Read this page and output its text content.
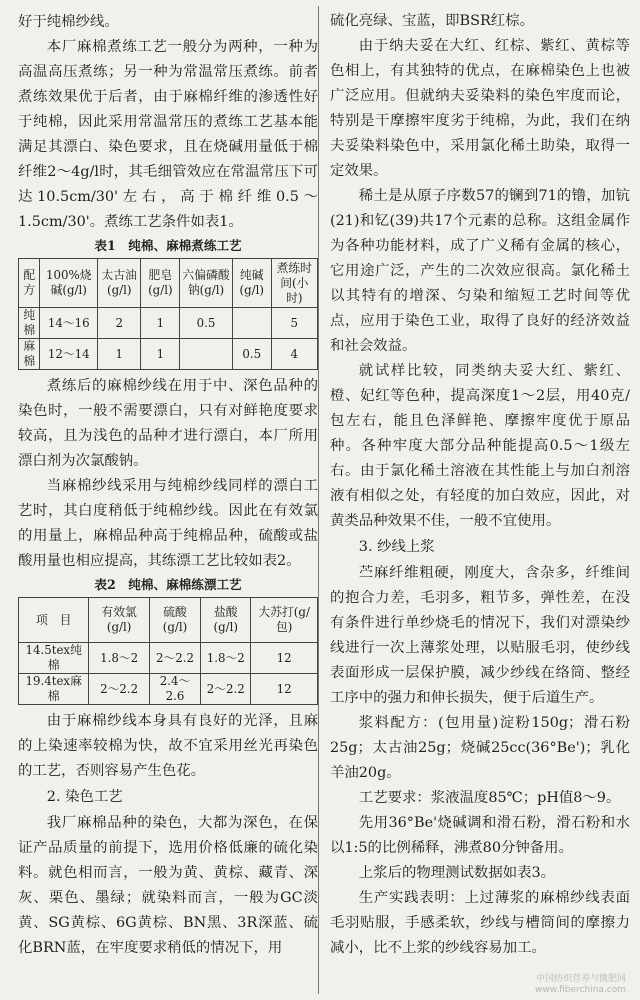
好于纯棉纱线。

本厂麻棉煮练工艺一般分为两种，一种为高温高压煮练；另一种为常温常压煮练。前者煮练效果优于后者，由于麻棉纤维的渗透性好于纯棉，因此采用常温常压的煮练工艺基本能满足其漂白、染色要求，且在烧碱用量低于棉纤维2～4g/l时，其毛细管效应在常温常压下可达10.5cm/30'左右，高于棉纤维0.5～1.5cm/30'。煮练工艺条件如表1。

表1　纯棉、麻棉煮练工艺
配方	100%烧碱(g/l)	太古油(g/l)	肥皂(g/l)	六偏磷酸钠(g/l)	纯碱(g/l)	煮练时间(小时)
纯棉	14～16	2	1	0.5		5
麻棉	12～14	1	1		0.5	4

煮练后的麻棉纱线在用于中、深色品种的染色时，一般不需要漂白，只有对鲜艳度要求较高，且为浅色的品种才进行漂白，本厂所用漂白剂为次氯酸钠。

当麻棉纱线采用与纯棉纱线同样的漂白工艺时，其白度稍低于纯棉纱线。因此在有效氯的用量上，麻棉品种高于纯棉品种，硫酸或盐酸用量也相应提高，其练漂工艺比较如表2。

表2　纯棉、麻棉练漂工艺
项　目	有效氯(g/l)	硫酸(g/l)	盐酸(g/l)	大苏打(g/包)
14.5tex纯棉	1.8～2	2～2.2	1.8～2	12
19.4tex麻棉	2～2.2	2.4～2.6	2～2.2	12

由于麻棉纱线本身具有良好的光泽，且麻的上染速率较棉为快，故不宜采用丝光再染色的工艺，否则容易产生色花。

2. 染色工艺

我厂麻棉品种的染色，大都为深色，在保证产品质量的前提下，选用价格低廉的硫化染料。就色相而言，一般为黄、黄棕、藏青、深灰、栗色、墨绿；就染料而言，一般为GC淡黄、SG黄棕、6G黄棕、BN黑、3R深蓝、硫化BRN蓝，在牢度要求稍低的情况下，用

硫化亮绿、宝蓝，即BSR红棕。

由于纳夫妥在大红、红棕、紫红、黄棕等色相上，有其独特的优点，在麻棉染色上也被广泛应用。但就纳夫妥染料的染色牢度而论，特别是干摩擦牢度劣于纯棉，为此，我们在纳夫妥染料染色中，采用氯化稀土助染，取得一定效果。

稀土是从原子序数57的镧到71的镥，加钪(21)和钇(39)共17个元素的总称。这组金属作为各种功能材料，成了广义稀有金属的核心，它用途广泛，产生的二次效应很高。氯化稀土以其特有的增深、匀染和缩短工艺时间等优点，应用于染色工业，取得了良好的经济效益和社会效益。

就试样比较，同类纳夫妥大红、紫红、橙、妃红等色种，提高深度1～2层，用40克/包左右，能且色泽鲜艳、摩擦牢度优于原品种。各种牢度大部分品种能提高0.5～1级左右。由于氯化稀土溶液在其性能上与加白剂溶液有相似之处，有轻度的加白效应，因此，对黄类品种效果不佳，一般不宜使用。

3. 纱线上浆

苎麻纤维粗硬，刚度大，含杂多，纤维间的抱合力差，毛羽多，粗节多，弹性差，在没有条件进行单纱烧毛的情况下，我们对漂染纱线进行一次上薄浆处理，以贴服毛羽，使纱线表面形成一层保护膜，减少纱线在络筒、整经工序中的强力和伸长损失，便于后道生产。

浆料配方：(包用量)淀粉150g；滑石粉25g；太古油25g；烧碱25cc(36°Be')；乳化羊油20g。

工艺要求：浆液温度85℃；pH值8～9。

先用36°Be'烧碱调和滑石粉，滑石粉和水以1:5的比例稀释，沸煮80分钟备用。

上浆后的物理测试数据如表3。

生产实践表明：上过薄浆的麻棉纱线表面毛羽贴服，手感柔软，纱线与槽筒间的摩擦力减小，比不上浆的纱线容易加工。

中国纺织营养与微肥网
www.fiberchina.com
